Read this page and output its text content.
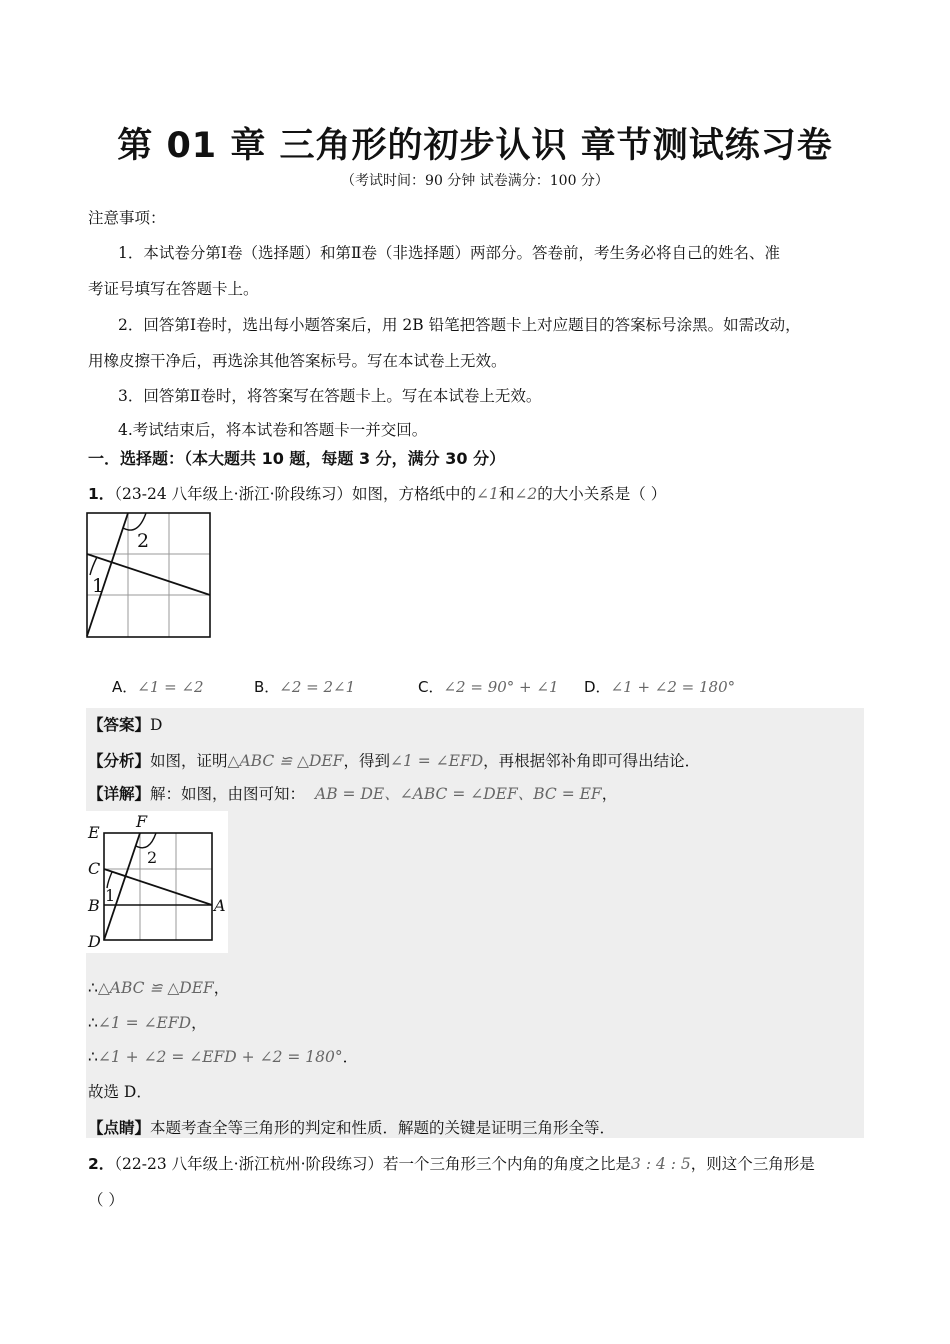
第 01 章 三角形的初步认识 章节测试练习卷
（考试时间：90 分钟 试卷满分：100 分）
注意事项：
1．本试卷分第Ⅰ卷（选择题）和第Ⅱ卷（非选择题）两部分。答卷前，考生务必将自己的姓名、准
考证号填写在答题卡上。
2．回答第Ⅰ卷时，选出每小题答案后，用 2B 铅笔把答题卡上对应题目的答案标号涂黑。如需改动，
用橡皮擦干净后，再选涂其他答案标号。写在本试卷上无效。
3．回答第Ⅱ卷时，将答案写在答题卡上。写在本试卷上无效。
4.考试结束后，将本试卷和答题卡一并交回。
一．选择题：（本大题共 10 题，每题 3 分，满分 30 分）
1．（23-24 八年级上·浙江·阶段练习）如图，方格纸中的∠1和∠2的大小关系是（ ）
1
2
A．∠1 = ∠2	B．∠2 = 2∠1	C．∠2 = 90° + ∠1 D．∠1 + ∠2 = 180°
【答案】D
【分析】如图，证明△ABC ≌ △DEF，得到∠1 = ∠EFD，再根据邻补角即可得出结论．
【详解】解：如图，由图可知： AB = DE、∠ABC = ∠DEF、BC = EF，
E
F
C
B	A
D
1
2
∴△ABC ≌ △DEF，
∴∠1 = ∠EFD，
∴∠1 + ∠2 = ∠EFD + ∠2 = 180°．
故选 D．
【点睛】本题考查全等三角形的判定和性质．解题的关键是证明三角形全等．
2．（22-23 八年级上·浙江杭州·阶段练习）若一个三角形三个内角的角度之比是3 : 4 : 5，则这个三角形是
（ ）
